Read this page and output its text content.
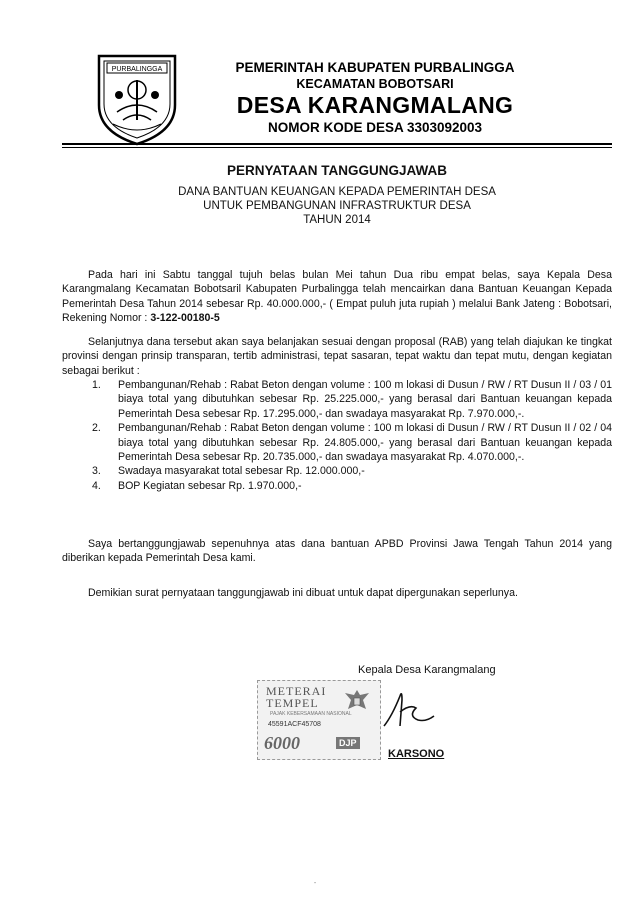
PURBALINGGA	PEMERINTAH KABUPATEN PURBALINGGA
KECAMATAN BOBOTSARI
DESA KARANGMALANG
NOMOR KODE DESA 3303092003
PERNYATAAN TANGGUNGJAWAB
DANA BANTUAN KEUANGAN KEPADA PEMERINTAH DESA
UNTUK PEMBANGUNAN INFRASTRUKTUR DESA
TAHUN 2014

Pada hari ini Sabtu tanggal tujuh belas bulan Mei tahun Dua ribu empat belas, saya Kepala Desa Karangmalang Kecamatan Bobotsaril Kabupaten Purbalingga telah mencairkan dana Bantuan Keuangan Kepada Pemerintah Desa Tahun 2014 sebesar Rp. 40.000.000,- ( Empat puluh juta rupiah ) melalui Bank Jateng : Bobotsari, Rekening Nomor : 3-122-00180-5

Selanjutnya dana tersebut akan saya belanjakan sesuai dengan proposal (RAB) yang telah diajukan ke tingkat provinsi dengan prinsip transparan, tertib administrasi, tepat sasaran, tepat waktu dan tepat mutu, dengan kegiatan sebagai berikut :

1.	Pembangunan/Rehab : Rabat Beton dengan volume : 100 m lokasi di Dusun / RW / RT Dusun II / 03 / 01 biaya total yang dibutuhkan sebesar Rp. 25.225.000,- yang berasal dari Bantuan keuangan kepada Pemerintah Desa sebesar Rp. 17.295.000,- dan swadaya masyarakat Rp. 7.970.000,-.
2.	Pembangunan/Rehab : Rabat Beton dengan volume : 100 m lokasi di Dusun / RW / RT Dusun II / 02 / 04 biaya total yang dibutuhkan sebesar Rp. 24.805.000,- yang berasal dari Bantuan keuangan kepada Pemerintah Desa sebesar Rp. 20.735.000,- dan swadaya masyarakat Rp. 4.070.000,-.
3.	Swadaya masyarakat total sebesar Rp. 12.000.000,-
4.	BOP Kegiatan sebesar Rp. 1.970.000,-

Saya bertanggungjawab sepenuhnya atas dana bantuan APBD Provinsi Jawa Tengah Tahun 2014 yang diberikan kepada Pemerintah Desa kami.

Demikian surat pernyataan tanggungjawab ini dibuat untuk dapat dipergunakan seperlunya.

Kepala Desa Karangmalang
METERAI
TEMPEL
PAJAK KEBERSAMAAN NASIONAL
45591ACF45708
6000	DJP
KARSONO
-
